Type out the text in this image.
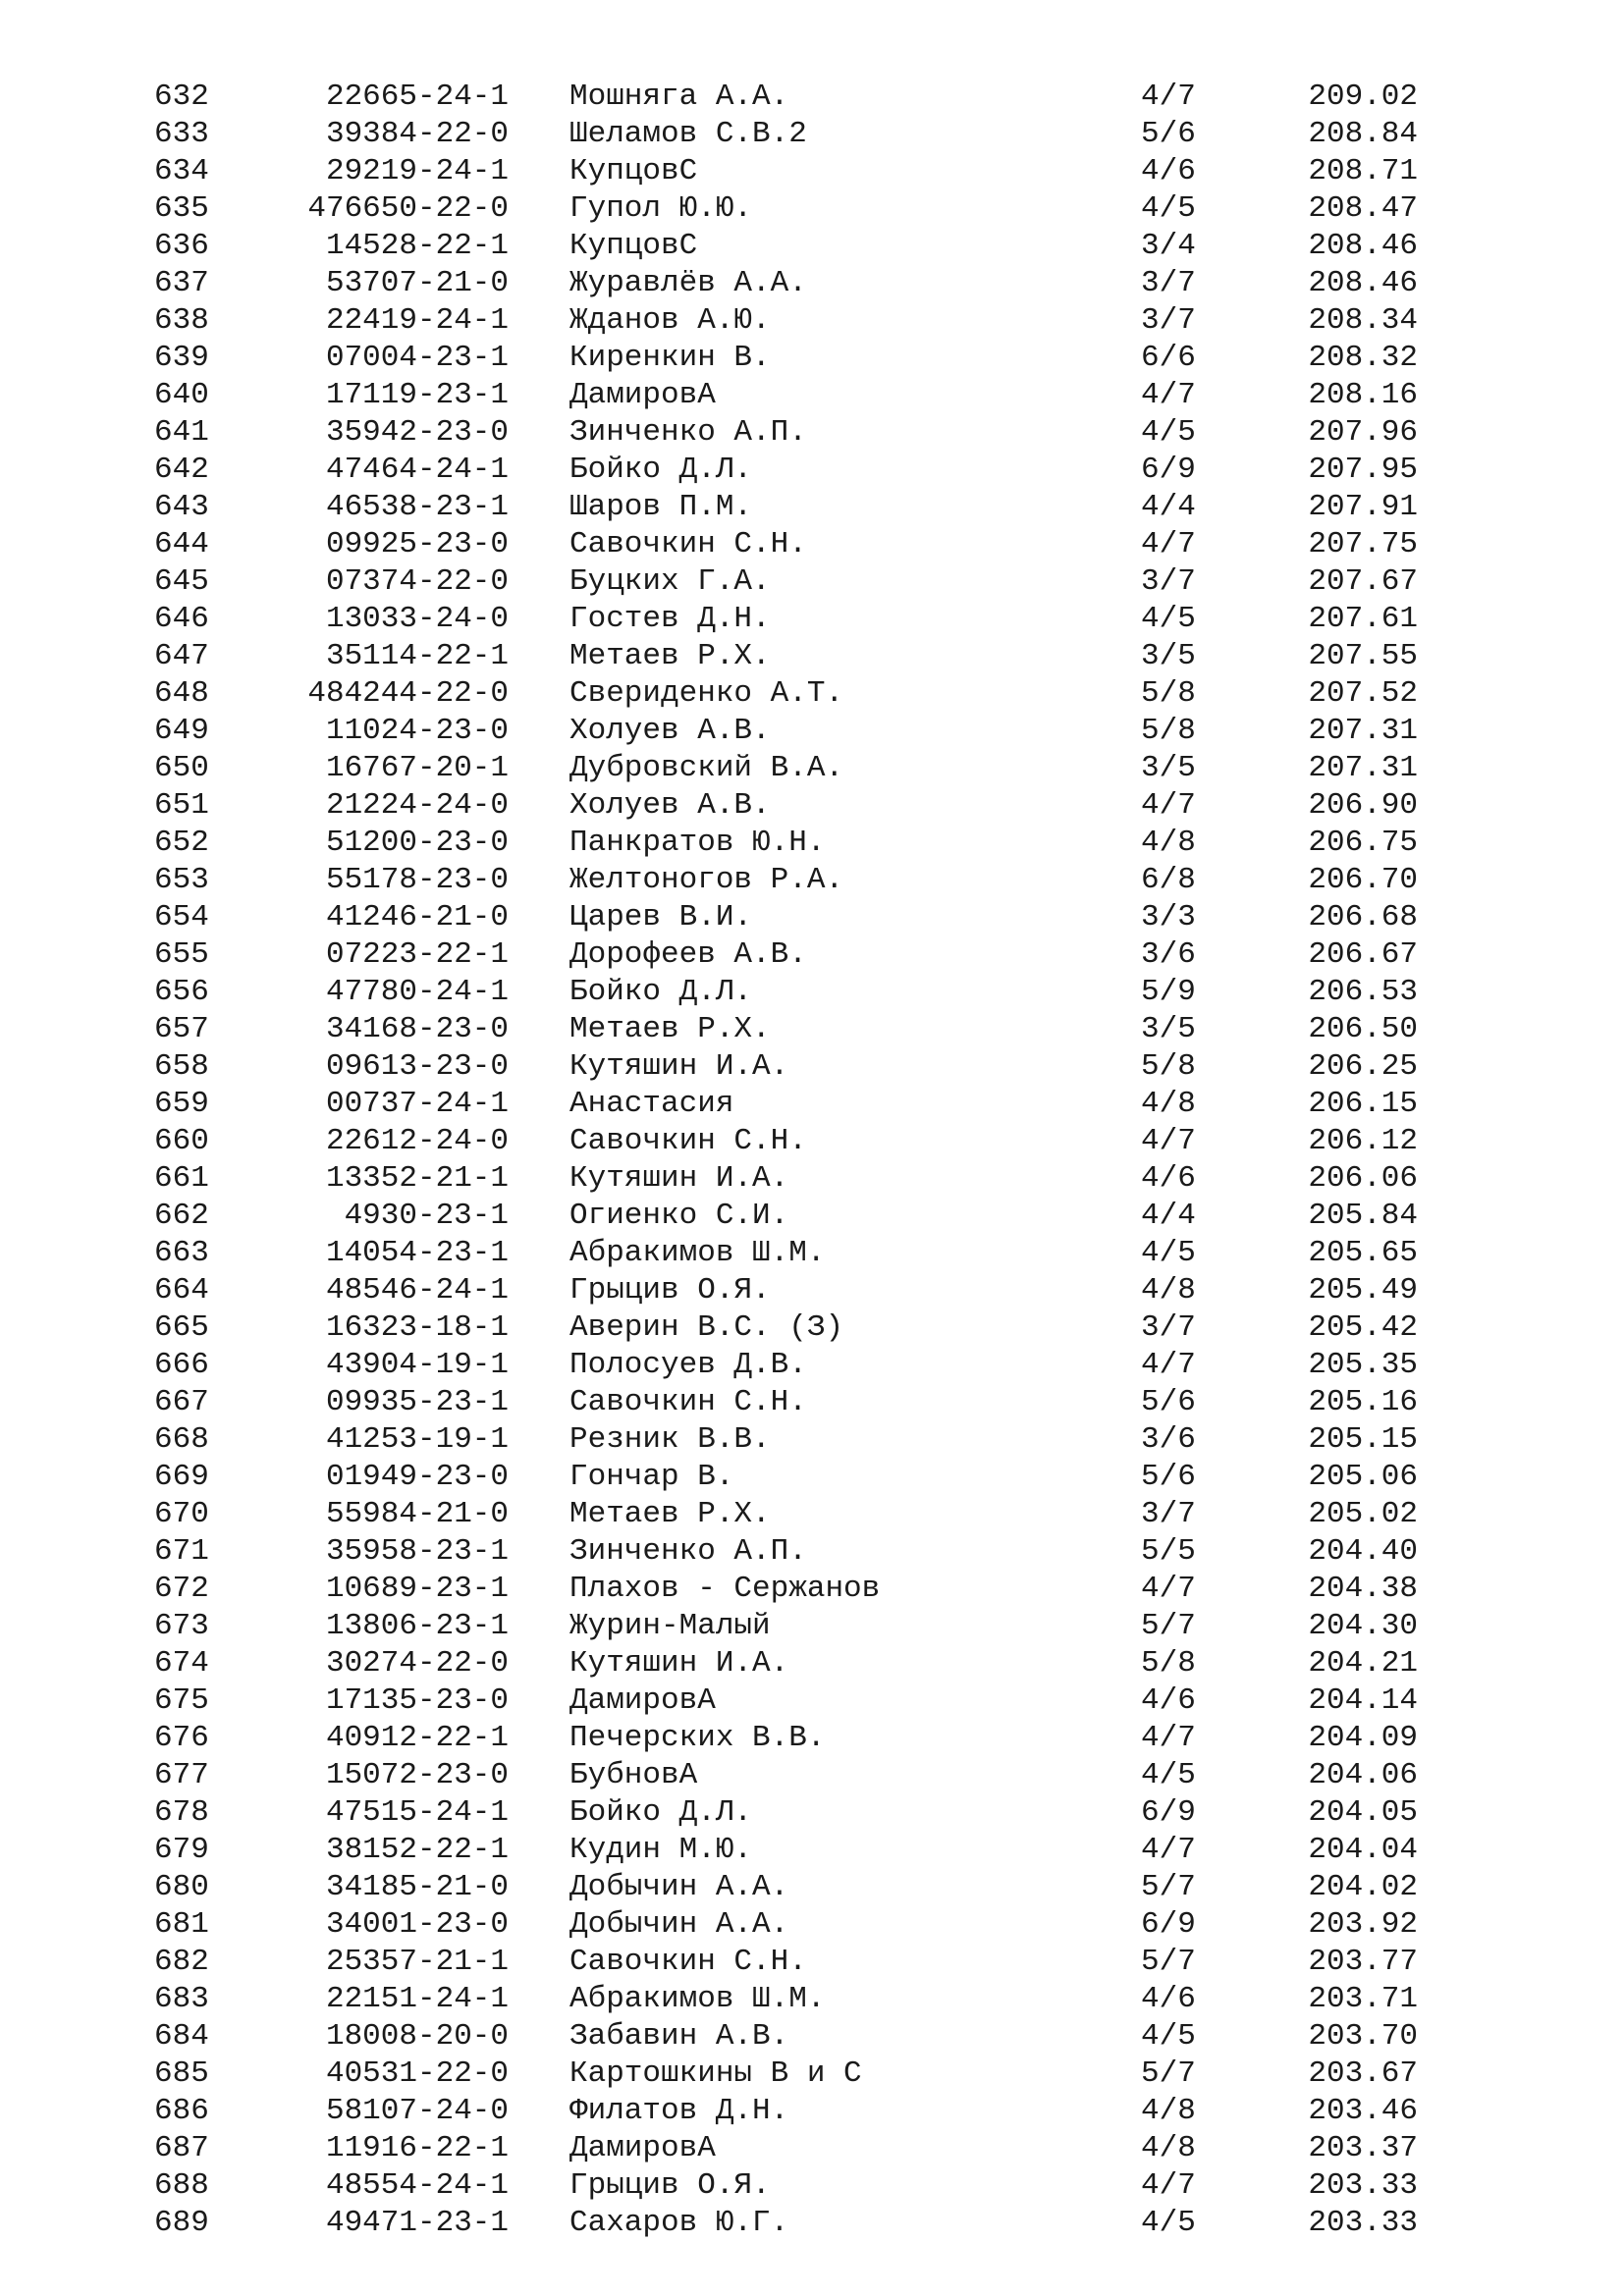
632	22665-24-1 Мошняга А.А.	4/7	209.02
633	39384-22-0 Шеламов С.В.2	5/6	208.84
634	29219-24-1 КупцовС	4/6	208.71
635	476650-22-0 Гупол Ю.Ю.	4/5	208.47
636	14528-22-1 КупцовС	3/4	208.46
637	53707-21-0 Журавлёв А.А.	3/7	208.46
638	22419-24-1 Жданов А.Ю.	3/7	208.34
639	07004-23-1 Киренкин В.	6/6	208.32
640	17119-23-1 ДамировА	4/7	208.16
641	35942-23-0 Зинченко А.П.	4/5	207.96
642	47464-24-1 Бойко Д.Л.	6/9	207.95
643	46538-23-1 Шаров П.М.	4/4	207.91
644	09925-23-0 Савочкин С.Н.	4/7	207.75
645	07374-22-0 Буцких Г.А.	3/7	207.67
646	13033-24-0 Гостев Д.Н.	4/5	207.61
647	35114-22-1 Метаев Р.Х.	3/5	207.55
648	484244-22-0 Свериденко А.Т.	5/8	207.52
649	11024-23-0 Холуев А.В.	5/8	207.31
650	16767-20-1 Дубровский В.А.	3/5	207.31
651	21224-24-0 Холуев А.В.	4/7	206.90
652	51200-23-0 Панкратов Ю.Н.	4/8	206.75
653	55178-23-0 Желтоногов Р.А.	6/8	206.70
654	41246-21-0 Царев В.И.	3/3	206.68
655	07223-22-1 Дорофеев А.В.	3/6	206.67
656	47780-24-1 Бойко Д.Л.	5/9	206.53
657	34168-23-0 Метаев Р.Х.	3/5	206.50
658	09613-23-0 Кутяшин И.А.	5/8	206.25
659	00737-24-1 Анастасия	4/8	206.15
660	22612-24-0 Савочкин С.Н.	4/7	206.12
661	13352-21-1 Кутяшин И.А.	4/6	206.06
662	4930-23-1 Огиенко С.И.	4/4	205.84
663	14054-23-1 Абракимов Ш.М.	4/5	205.65
664	48546-24-1 Грыцив О.Я.	4/8	205.49
665	16323-18-1 Аверин В.С. (З)	3/7	205.42
666	43904-19-1 Полосуев Д.В.	4/7	205.35
667	09935-23-1 Савочкин С.Н.	5/6	205.16
668	41253-19-1 Резник В.В.	3/6	205.15
669	01949-23-0 Гончар В.	5/6	205.06
670	55984-21-0 Метаев Р.Х.	3/7	205.02
671	35958-23-1 Зинченко А.П.	5/5	204.40
672	10689-23-1 Плахов - Сержанов	4/7	204.38
673	13806-23-1 Журин-Малый	5/7	204.30
674	30274-22-0 Кутяшин И.А.	5/8	204.21
675	17135-23-0 ДамировА	4/6	204.14
676	40912-22-1 Печерских В.В.	4/7	204.09
677	15072-23-0 БубновА	4/5	204.06
678	47515-24-1 Бойко Д.Л.	6/9	204.05
679	38152-22-1 Кудин М.Ю.	4/7	204.04
680	34185-21-0 Добычин А.А.	5/7	204.02
681	34001-23-0 Добычин А.А.	6/9	203.92
682	25357-21-1 Савочкин С.Н.	5/7	203.77
683	22151-24-1 Абракимов Ш.М.	4/6	203.71
684	18008-20-0 Забавин А.В.	4/5	203.70
685	40531-22-0 Картошкины В и С	5/7	203.67
686	58107-24-0 Филатов Д.Н.	4/8	203.46
687	11916-22-1 ДамировА	4/8	203.37
688	48554-24-1 Грыцив О.Я.	4/7	203.33
689	49471-23-1 Сахаров Ю.Г.	4/5	203.33
